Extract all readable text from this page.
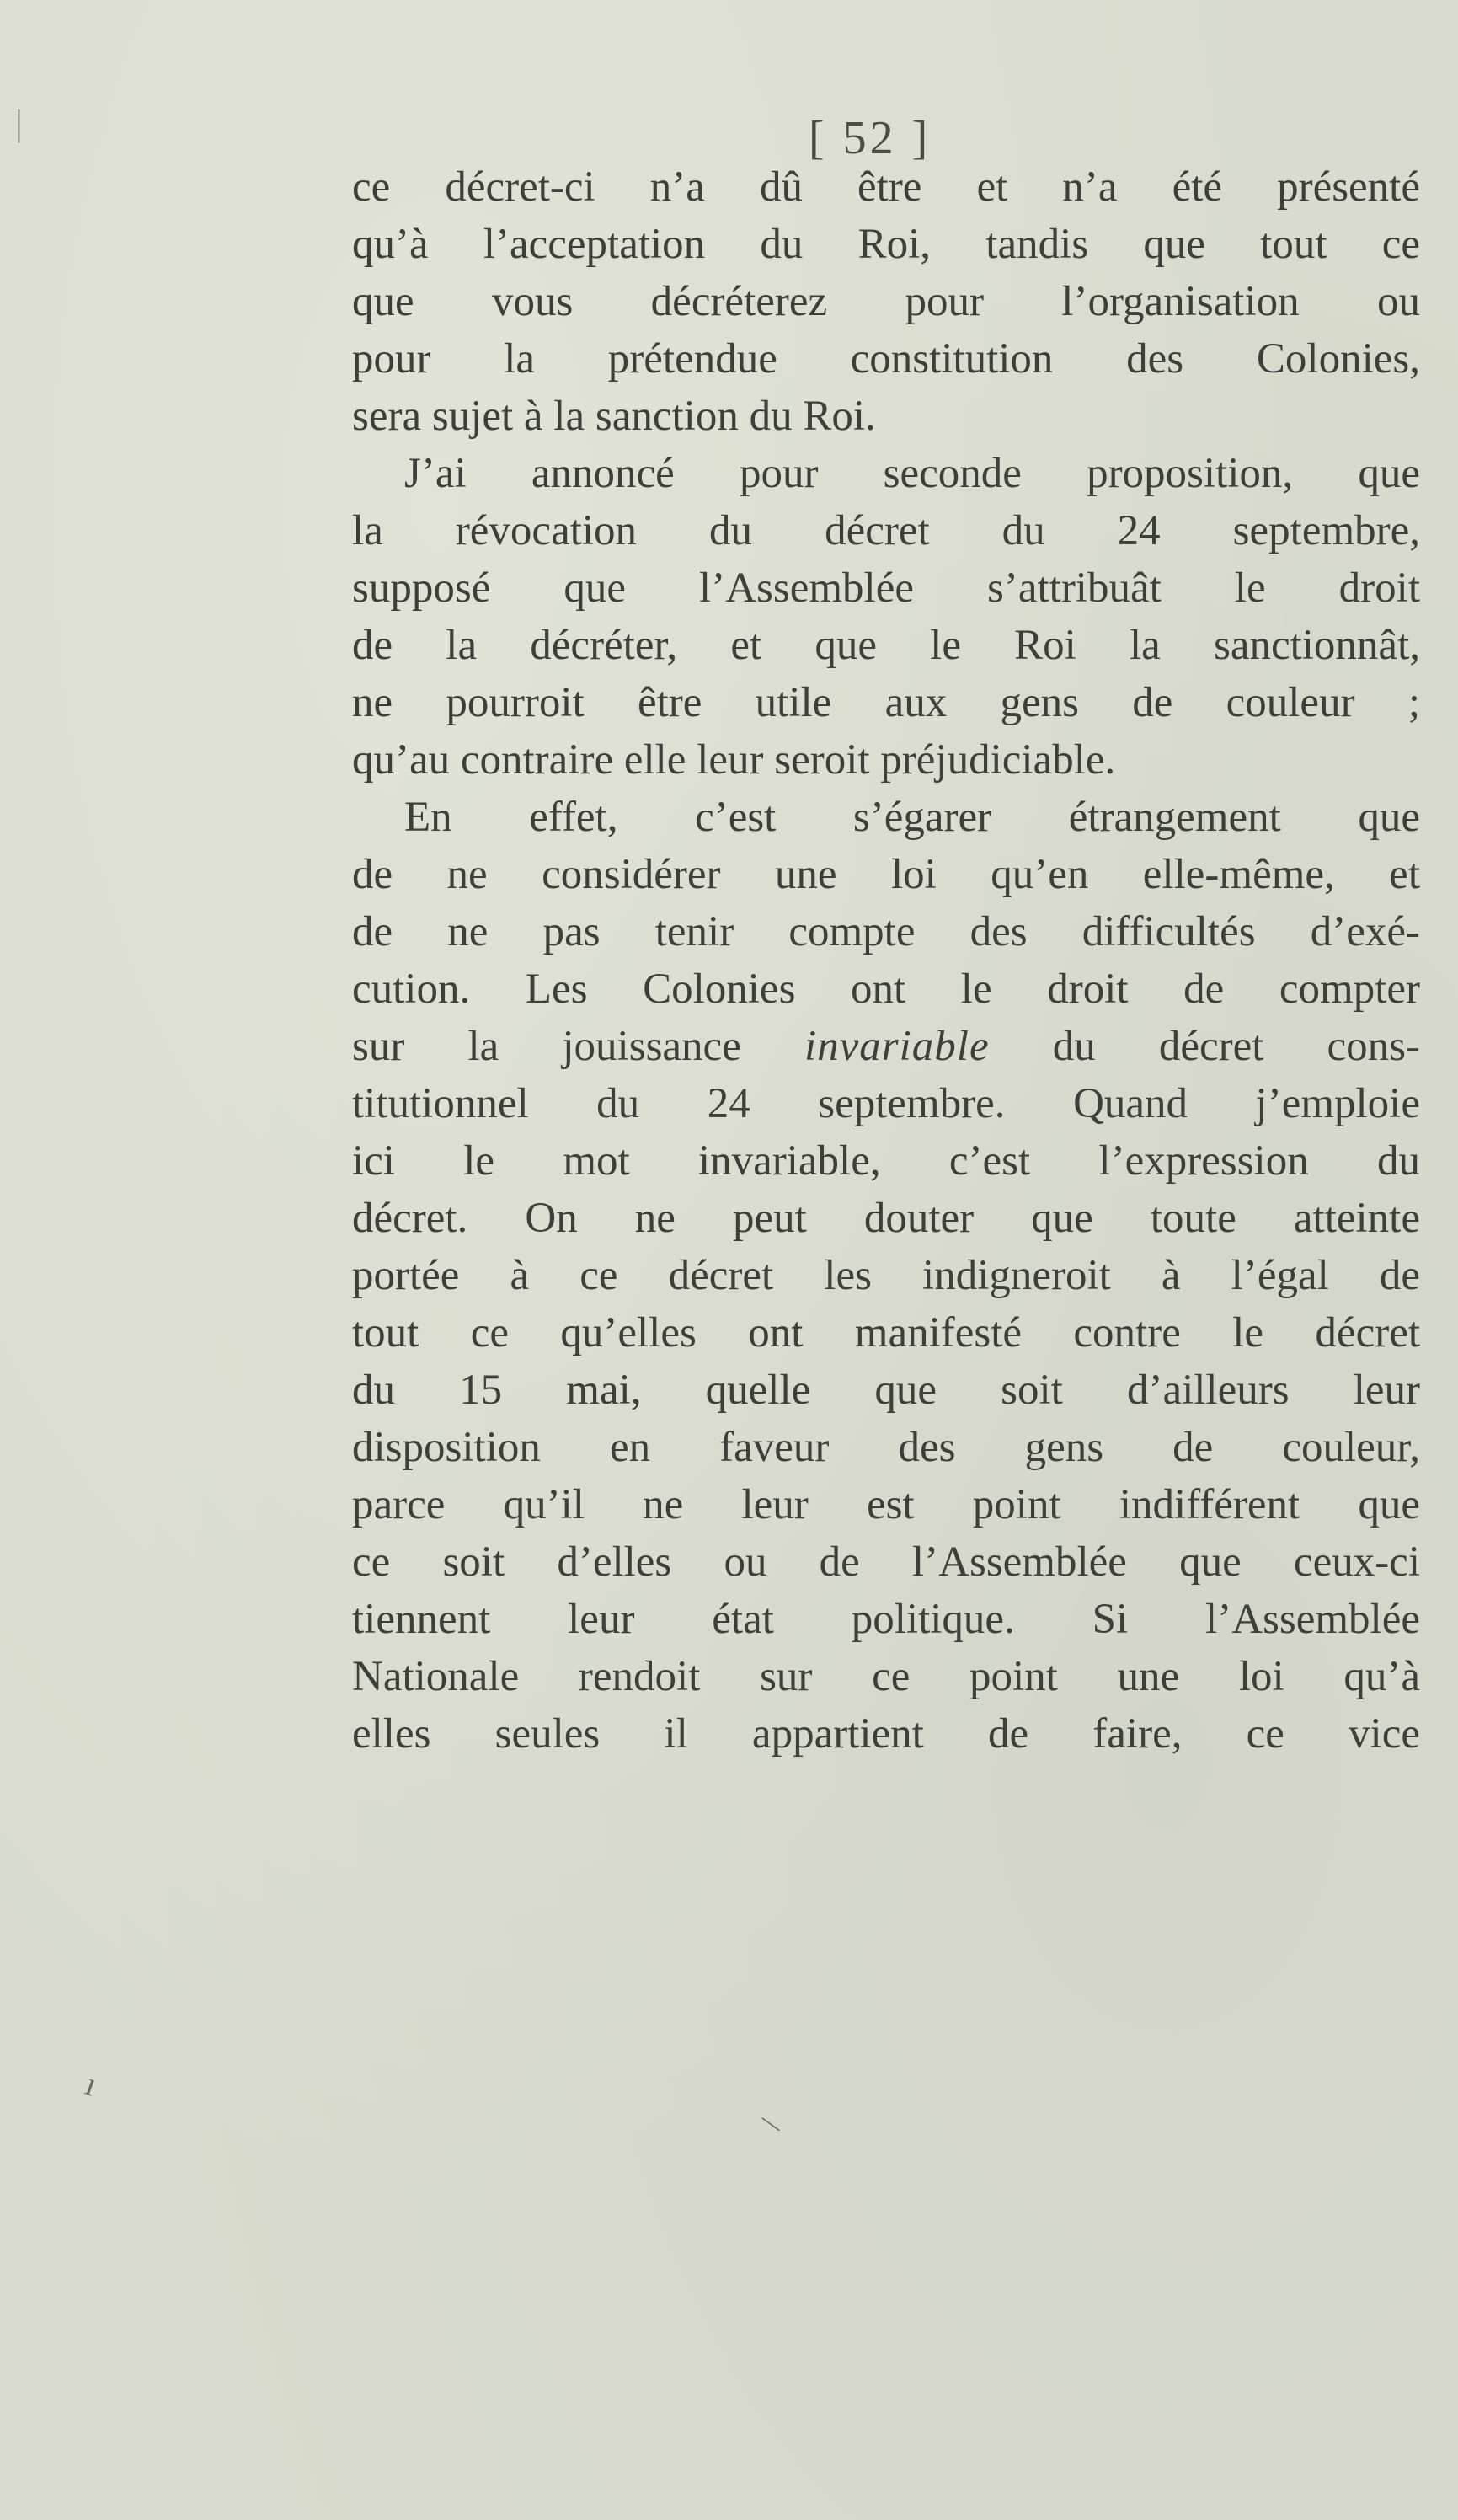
|	[ 52 ]
ce décret-ci n’a dû être et n’a été présenté
qu’à l’acceptation du Roi, tandis que tout ce
que vous décréterez pour l’organisation ou
pour la prétendue constitution des Colonies,
sera sujet à la sanction du Roi.
J’ai annoncé pour seconde proposition, que
la révocation du décret du 24 septembre,
supposé que l’Assemblée s’attribuât le droit
de la décréter, et que le Roi la sanctionnât,
ne pourroit être utile aux gens de couleur ;
qu’au contraire elle leur seroit préjudiciable.
En effet, c’est s’égarer étrangement que
de ne considérer une loi qu’en elle-même, et
de ne pas tenir compte des difficultés d’exé-
cution. Les Colonies ont le droit de compter
sur la jouissance invariable du décret cons-
titutionnel du 24 septembre. Quand j’emploie
ici le mot invariable, c’est l’expression du
décret. On ne peut douter que toute atteinte
portée à ce décret les indigneroit à l’égal de
tout ce qu’elles ont manifesté contre le décret
du 15 mai, quelle que soit d’ailleurs leur
disposition en faveur des gens de couleur,
parce qu’il ne leur est point indifférent que
ce soit d’elles ou de l’Assemblée que ceux-ci
tiennent leur état politique. Si l’Assemblée
Nationale rendoit sur ce point une loi qu’à
elles seules il appartient de faire, ce vice
ı
\
